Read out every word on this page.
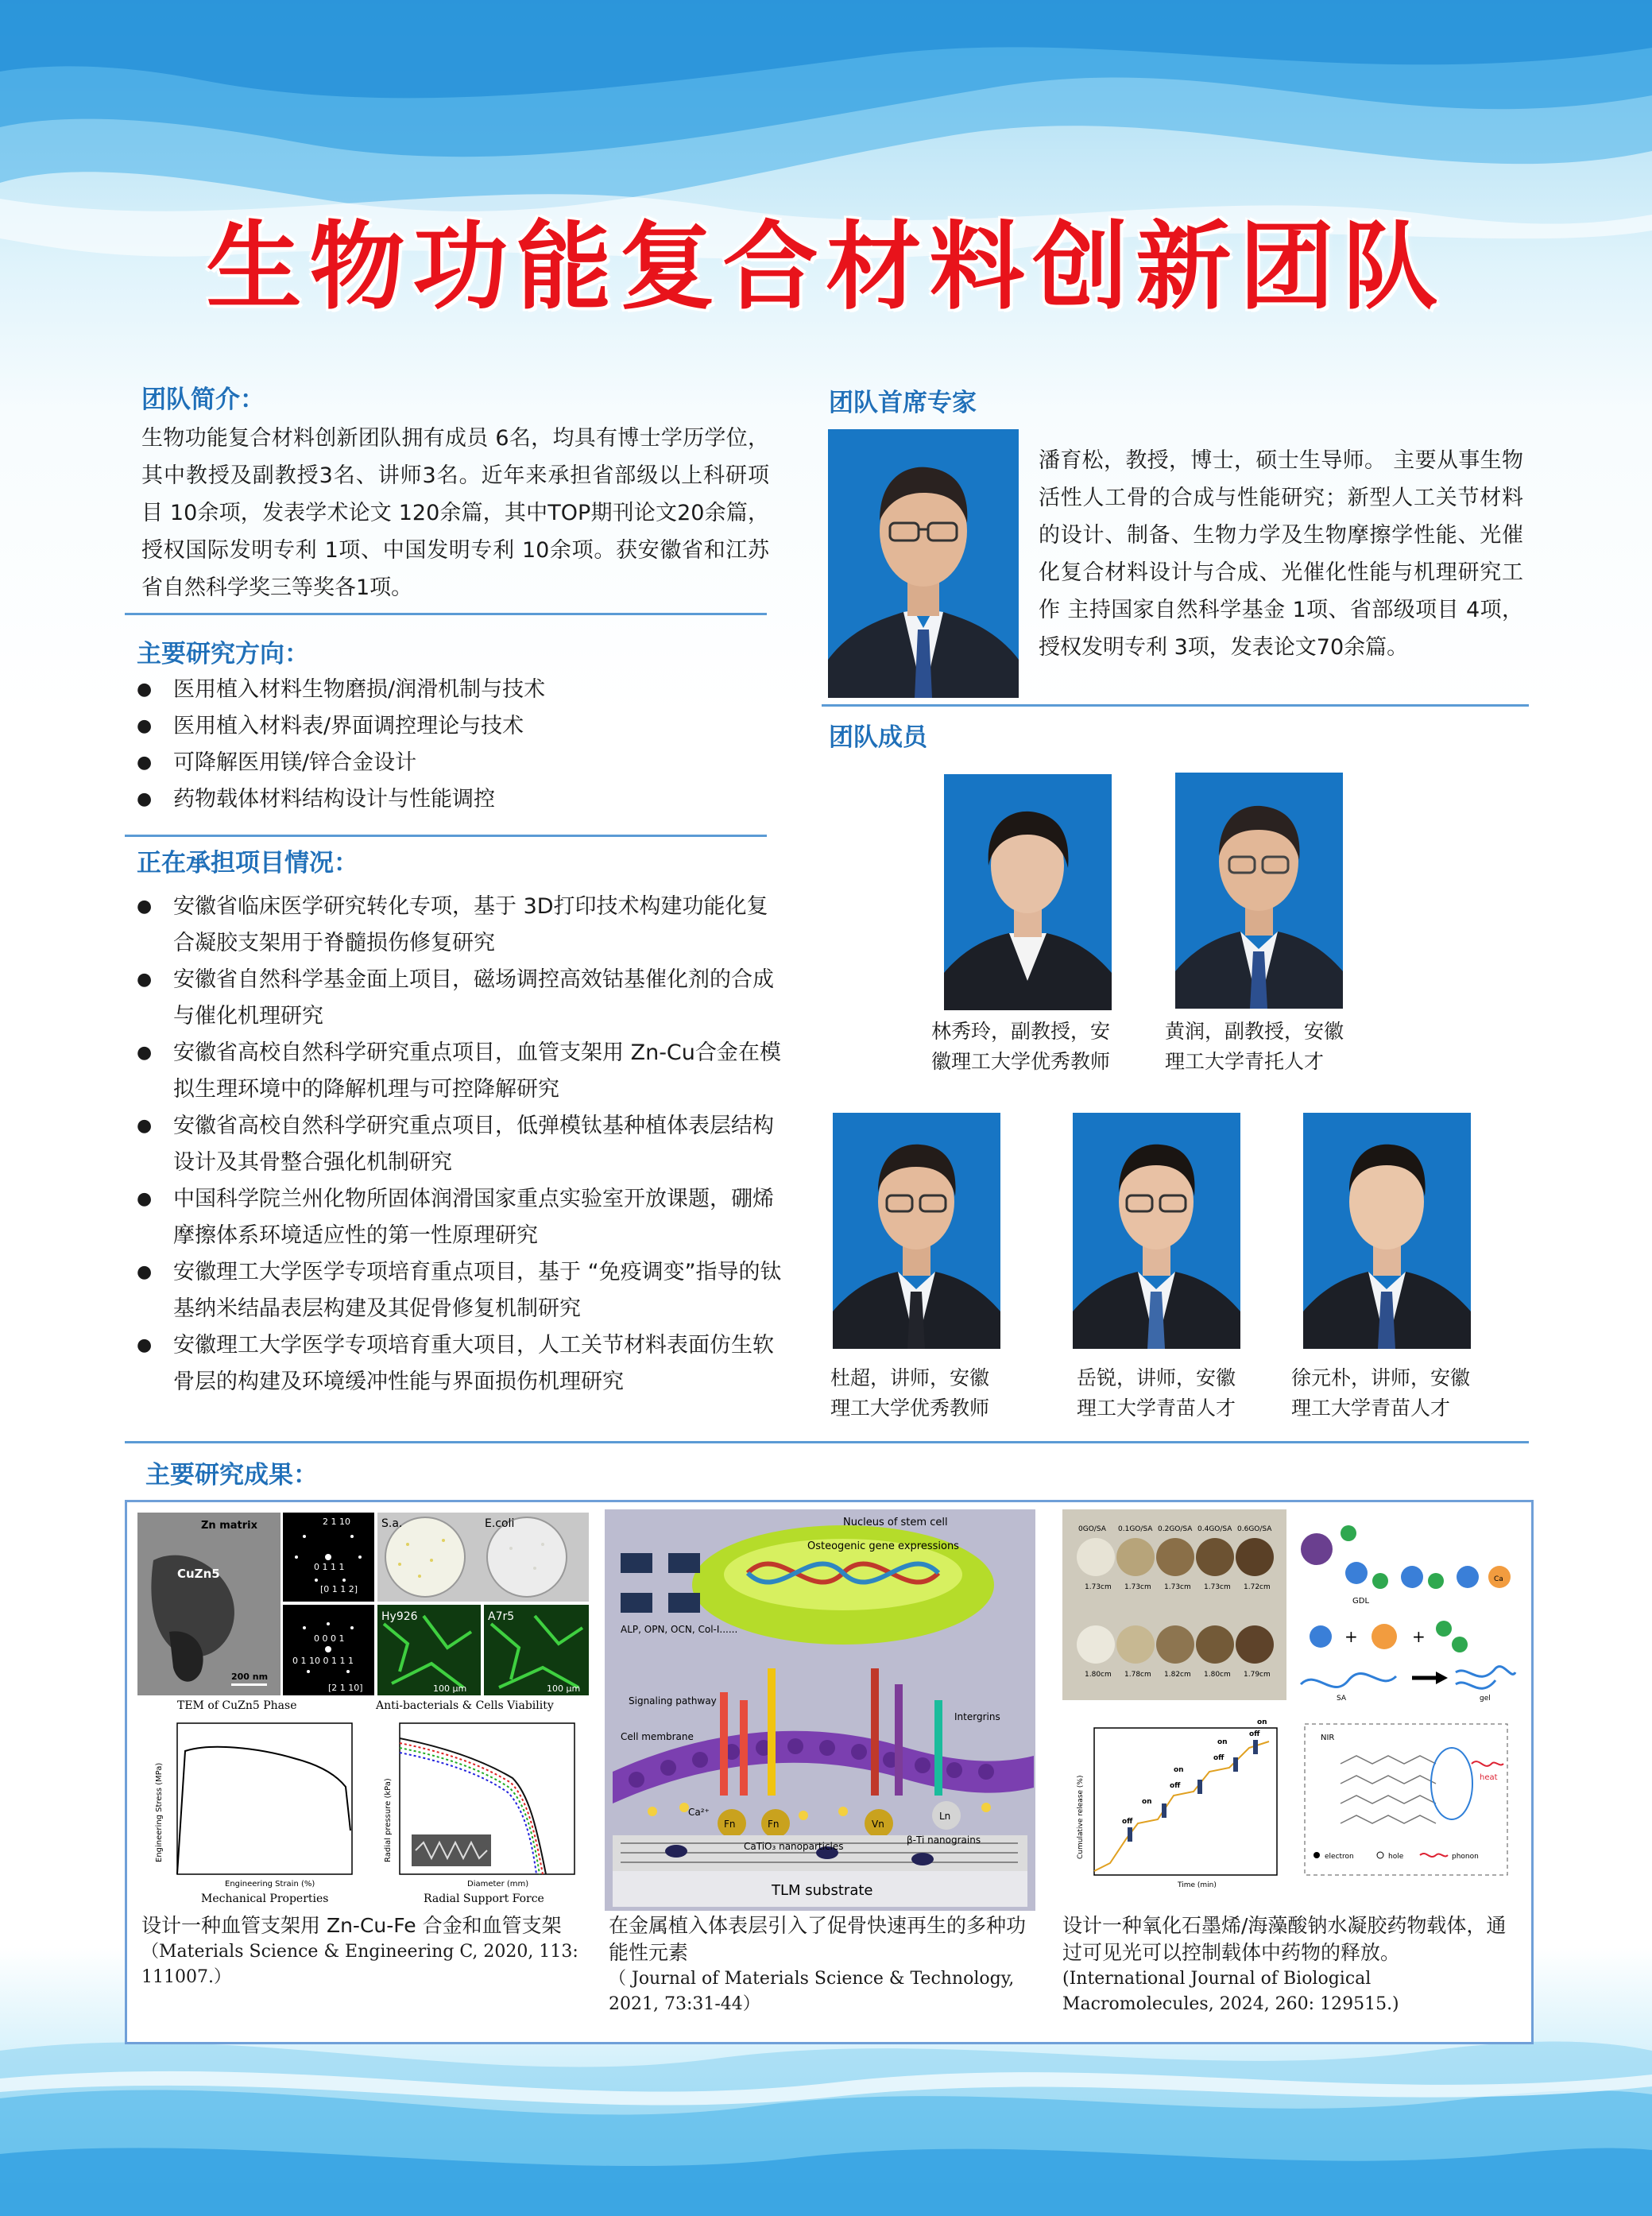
生物功能复合材料创新团队
团队简介：
生物功能复合材料创新团队拥有成员 6名，均具有博士学历学位，其中教授及副教授3名、讲师3名。近年来承担省部级以上科研项目 10余项，发表学术论文 120余篇，其中TOP期刊论文20余篇，授权国际发明专利 1项、中国发明专利 10余项。获安徽省和江苏省自然科学奖三等奖各1项。
主要研究方向：
● 医用植入材料生物磨损/润滑机制与技术
● 医用植入材料表/界面调控理论与技术
● 可降解医用镁/锌合金设计
● 药物载体材料结构设计与性能调控
正在承担项目情况：
● 安徽省临床医学研究转化专项，基于 3D打印技术构建功能化复合凝胶支架用于脊髓损伤修复研究
● 安徽省自然科学基金面上项目，磁场调控高效钴基催化剂的合成与催化机理研究
● 安徽省高校自然科学研究重点项目，血管支架用 Zn-Cu合金在模拟生理环境中的降解机理与可控降解研究
● 安徽省高校自然科学研究重点项目，低弹模钛基种植体表层结构设计及其骨整合强化机制研究
● 中国科学院兰州化物所固体润滑国家重点实验室开放课题，硼烯摩擦体系环境适应性的第一性原理研究
● 安徽理工大学医学专项培育重点项目，基于 “免疫调变”指导的钛基纳米结晶表层构建及其促骨修复机制研究
● 安徽理工大学医学专项培育重大项目，人工关节材料表面仿生软骨层的构建及环境缓冲性能与界面损伤机理研究
团队首席专家
潘育松，教授，博士，硕士生导师。 主要从事生物活性人工骨的合成与性能研究；新型人工关节材料的设计、制备、生物力学及生物摩擦学性能、光催化复合材料设计与合成、光催化性能与机理研究工作 主持国家自然科学基金 1项、省部级项目 4项，授权发明专利 3项，发表论文70余篇。
团队成员
林秀玲，副教授，安
徽理工大学优秀教师
黄润，副教授，安徽
理工大学青托人才
杜超，讲师，安徽
理工大学优秀教师
岳锐，讲师，安徽
理工大学青苗人才
徐元朴，讲师，安徽
理工大学青苗人才
主要研究成果：
Zn matrix
CuZn5
200 nm
2 1 10
0 1 1 1
[0 1 1 2]
0 0 0 1
0 1 10 0 1 1 1
[2 1 10]
S.a.	E.coli
Hy926	A7r5
100 μm	100 μm
TEM of CuZn5 Phase	Anti-bacterials & Cells Viability
Engineering Stress (MPa)
Engineering Strain (%)
Radial pressure (kPa)
Diameter (mm)
Mechanical Properties	Radial Support Force
Nucleus of stem cell
Osteogenic gene expressions
ALP, OPN, OCN, Col-I......
Signaling pathway
Cell membrane
Intergrins
Fn	Fn	Vn
Ln
Ca²⁺
CaTiO₃ nanoparticles
β-Ti nanograins
TLM substrate
0GO/SA 0.1GO/SA 0.2GO/SA 0.4GO/SA 0.6GO/SA
1.73cm 1.73cm 1.73cm 1.73cm 1.72cm
1.80cm 1.78cm 1.82cm 1.80cm 1.79cm
Ca
GDL
+	+
SA	gel
on
off
on
off
on
off
on
off
Cumulative release (%)
Time (min)
NIR
heat
electron	hole	phonon
设计一种血管支架用 Zn-Cu-Fe 合金和血管支架
（Materials Science & Engineering C, 2020, 113: 111007.）
在金属植入体表层引入了促骨快速再生的多种功能性元素
（ Journal of Materials Science & Technology, 2021, 73:31-44）
设计一种氧化石墨烯/海藻酸钠水凝胶药物载体，通过可见光可以控制载体中药物的释放。
(International Journal of Biological Macromolecules, 2024, 260: 129515.)
